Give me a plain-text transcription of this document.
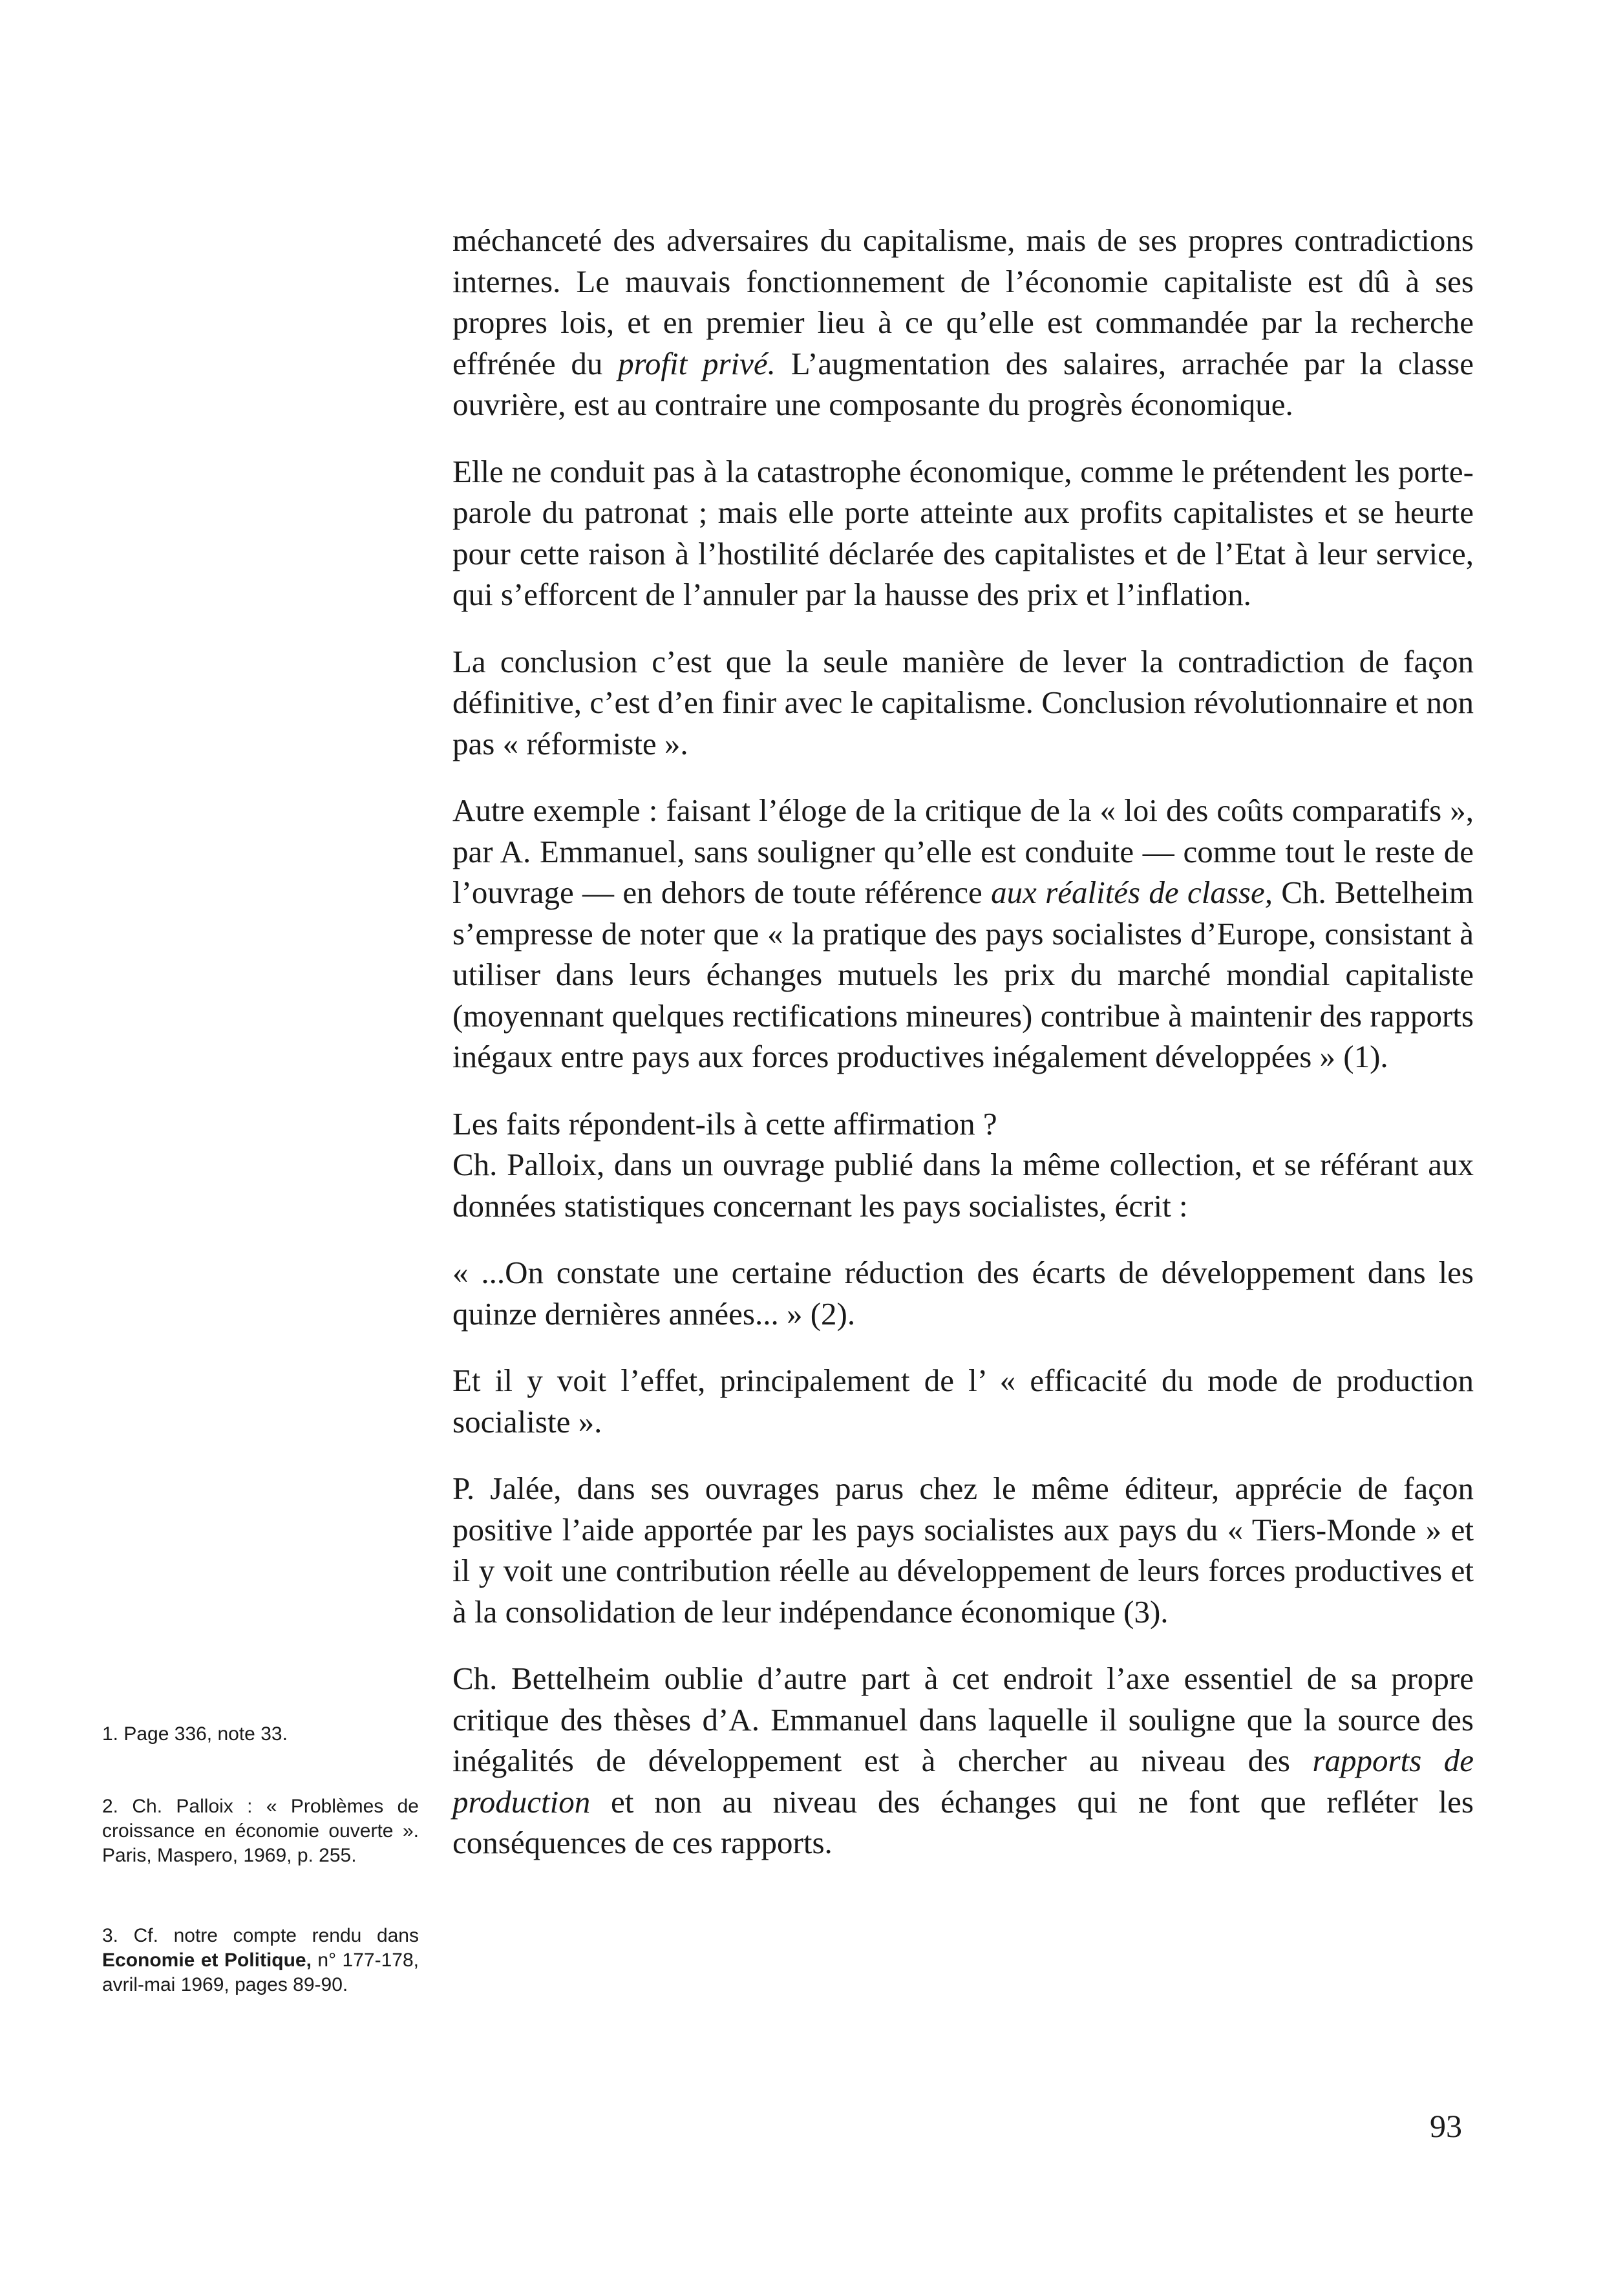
méchanceté des adversaires du capitalisme, mais de ses propres contradictions internes. Le mauvais fonctionnement de l’économie capitaliste est dû à ses propres lois, et en premier lieu à ce qu’elle est commandée par la recherche effrénée du profit privé. L’augmentation des salaires, arrachée par la classe ouvrière, est au contraire une composante du progrès économique.

Elle ne conduit pas à la catastrophe économique, comme le prétendent les porte-parole du patronat ; mais elle porte atteinte aux profits capitalistes et se heurte pour cette raison à l’hostilité déclarée des capitalistes et de l’Etat à leur service, qui s’efforcent de l’annuler par la hausse des prix et l’inflation.

La conclusion c’est que la seule manière de lever la contradiction de façon définitive, c’est d’en finir avec le capitalisme. Conclusion révolutionnaire et non pas « réformiste ».

Autre exemple : faisant l’éloge de la critique de la « loi des coûts comparatifs », par A. Emmanuel, sans souligner qu’elle est conduite — comme tout le reste de l’ouvrage — en dehors de toute référence aux réalités de classe, Ch. Bettelheim s’empresse de noter que « la pratique des pays socialistes d’Europe, consistant à utiliser dans leurs échanges mutuels les prix du marché mondial capitaliste (moyennant quelques rectifications mineures) contribue à maintenir des rapports inégaux entre pays aux forces productives inégalement développées » (1).

Les faits répondent-ils à cette affirmation ?

Ch. Palloix, dans un ouvrage publié dans la même collection, et se référant aux données statistiques concernant les pays socialistes, écrit :

« ...On constate une certaine réduction des écarts de développement dans les quinze dernières années... » (2).

Et il y voit l’effet, principalement de l’ « efficacité du mode de production socialiste ».

P. Jalée, dans ses ouvrages parus chez le même éditeur, apprécie de façon positive l’aide apportée par les pays socialistes aux pays du « Tiers-Monde » et il y voit une contribution réelle au développement de leurs forces productives et à la consolidation de leur indépendance économique (3).

Ch. Bettelheim oublie d’autre part à cet endroit l’axe essentiel de sa propre critique des thèses d’A. Emmanuel dans laquelle il souligne que la source des inégalités de développement est à chercher au niveau des rapports de production et non au niveau des échanges qui ne font que refléter les conséquences de ces rapports.

1. Page 336, note 33.

2. Ch. Palloix : « Problèmes de croissance en économie ouverte ». Paris, Maspero, 1969, p. 255.

3. Cf. notre compte rendu dans Economie et Politique, n° 177-178, avril-mai 1969, pages 89-90.

93
